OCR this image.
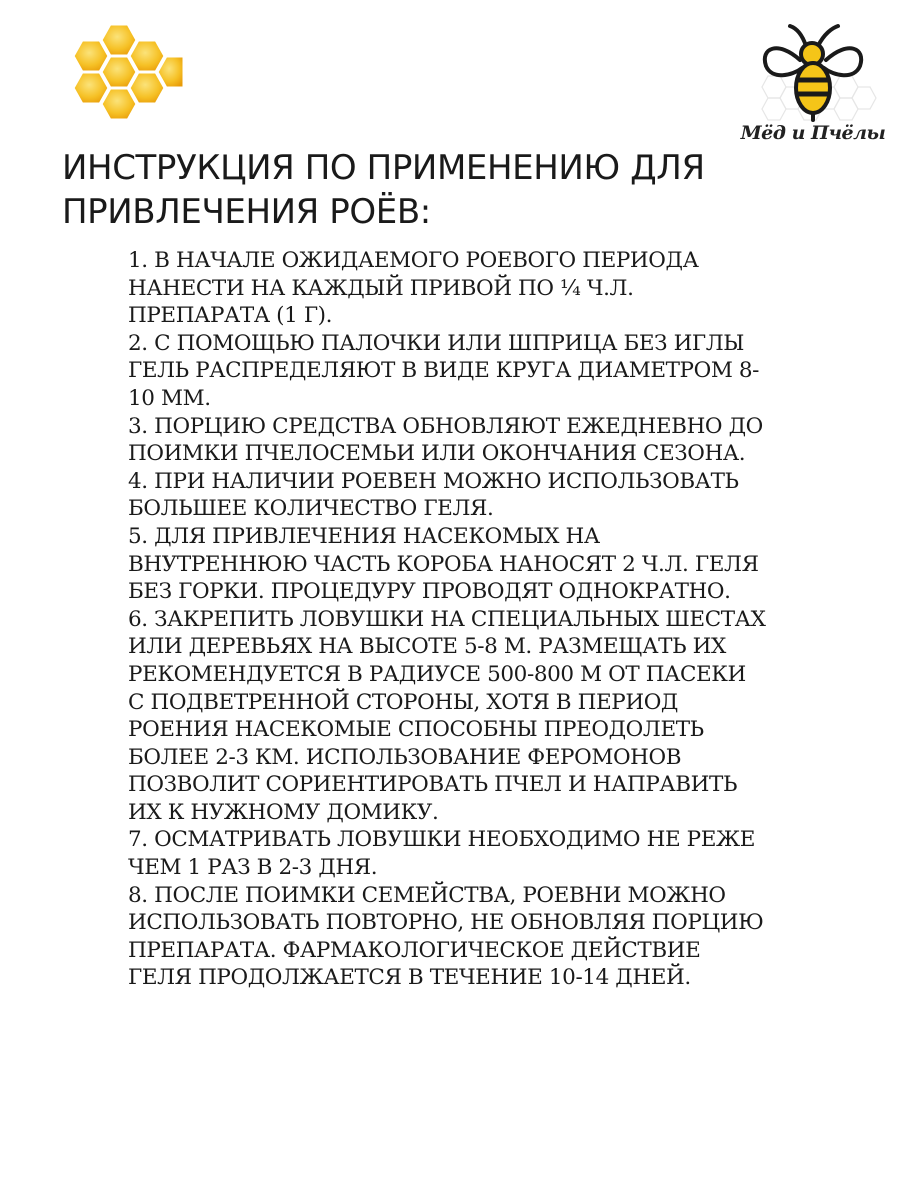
Мёд и Пчёлы
ИНСТРУКЦИЯ ПО ПРИМЕНЕНИЮ ДЛЯ ПРИВЛЕЧЕНИЯ РОЁВ:
1. В НАЧАЛЕ ОЖИДАЕМОГО РОЕВОГО ПЕРИОДА НАНЕСТИ НА КАЖДЫЙ ПРИВОЙ ПО ¼ Ч.Л. ПРЕПАРАТА (1 Г).
2. С ПОМОЩЬЮ ПАЛОЧКИ ИЛИ ШПРИЦА БЕЗ ИГЛЫ ГЕЛЬ РАСПРЕДЕЛЯЮТ В ВИДЕ КРУГА ДИАМЕТРОМ 8-10 ММ.
3. ПОРЦИЮ СРЕДСТВА ОБНОВЛЯЮТ ЕЖЕДНЕВНО ДО ПОИМКИ ПЧЕЛОСЕМЬИ ИЛИ ОКОНЧАНИЯ СЕЗОНА.
4. ПРИ НАЛИЧИИ РОЕВЕН МОЖНО ИСПОЛЬЗОВАТЬ БОЛЬШЕЕ КОЛИЧЕСТВО ГЕЛЯ.
5. ДЛЯ ПРИВЛЕЧЕНИЯ НАСЕКОМЫХ НА ВНУТРЕННЮЮ ЧАСТЬ КОРОБА НАНОСЯТ 2 Ч.Л. ГЕЛЯ БЕЗ ГОРКИ. ПРОЦЕДУРУ ПРОВОДЯТ ОДНОКРАТНО.
6. ЗАКРЕПИТЬ ЛОВУШКИ НА СПЕЦИАЛЬНЫХ ШЕСТАХ ИЛИ ДЕРЕВЬЯХ НА ВЫСОТЕ 5-8 М. РАЗМЕЩАТЬ ИХ РЕКОМЕНДУЕТСЯ В РАДИУСЕ 500-800 М ОТ ПАСЕКИ С ПОДВЕТРЕННОЙ СТОРОНЫ, ХОТЯ В ПЕРИОД РОЕНИЯ НАСЕКОМЫЕ СПОСОБНЫ ПРЕОДОЛЕТЬ БОЛЕЕ 2-3 КМ. ИСПОЛЬЗОВАНИЕ ФЕРОМОНОВ ПОЗВОЛИТ СОРИЕНТИРОВАТЬ ПЧЕЛ И НАПРАВИТЬ ИХ К НУЖНОМУ ДОМИКУ.
7. ОСМАТРИВАТЬ ЛОВУШКИ НЕОБХОДИМО НЕ РЕЖЕ ЧЕМ 1 РАЗ В 2-3 ДНЯ.
8. ПОСЛЕ ПОИМКИ СЕМЕЙСТВА, РОЕВНИ МОЖНО ИСПОЛЬЗОВАТЬ ПОВТОРНО, НЕ ОБНОВЛЯЯ ПОРЦИЮ ПРЕПАРАТА. ФАРМАКОЛОГИЧЕСКОЕ ДЕЙСТВИЕ ГЕЛЯ ПРОДОЛЖАЕТСЯ В ТЕЧЕНИЕ 10-14 ДНЕЙ.
